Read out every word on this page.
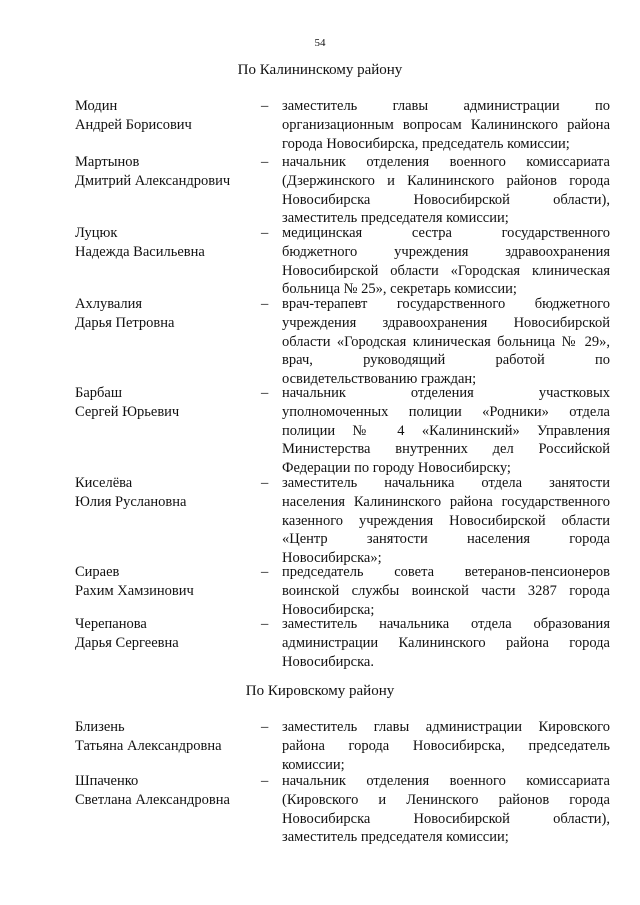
54
По Калининскому району
По Кировскому району
Модин
Андрей Борисович
– заместитель главы администрации по
организационным вопросам Калининского района
города Новосибирска, председатель комиссии;
Мартынов
Дмитрий Александрович
– начальник отделения военного комиссариата
(Дзержинского и Калининского районов города
Новосибирска Новосибирской области),
заместитель председателя комиссии;
Луцюк
Надежда Васильевна
– медицинская сестра государственного
бюджетного учреждения здравоохранения
Новосибирской области «Городская клиническая
больница № 25», секретарь комиссии;
Ахлувалия
Дарья Петровна
– врач-терапевт государственного бюджетного
учреждения здравоохранения Новосибирской
области «Городская клиническая больница № 29»,
врач, руководящий работой по
освидетельствованию граждан;
Барбаш
Сергей Юрьевич
– начальник отделения участковых
уполномоченных полиции «Родники» отдела
полиции № 4 «Калининский» Управления
Министерства внутренних дел Российской
Федерации по городу Новосибирску;
Киселёва
Юлия Руслановна
– заместитель начальника отдела занятости
населения Калининского района государственного
казенного учреждения Новосибирской области
«Центр занятости населения города
Новосибирска»;
Сираев
Рахим Хамзинович
– председатель совета ветеранов-пенсионеров
воинской службы воинской части 3287 города
Новосибирска;
Черепанова
Дарья Сергеевна
– заместитель начальника отдела образования
администрации Калининского района города
Новосибирска.
Близень
Татьяна Александровна
– заместитель главы администрации Кировского
района города Новосибирска, председатель
комиссии;
Шпаченко
Светлана Александровна
– начальник отделения военного комиссариата
(Кировского и Ленинского районов города
Новосибирска Новосибирской области),
заместитель председателя комиссии;
